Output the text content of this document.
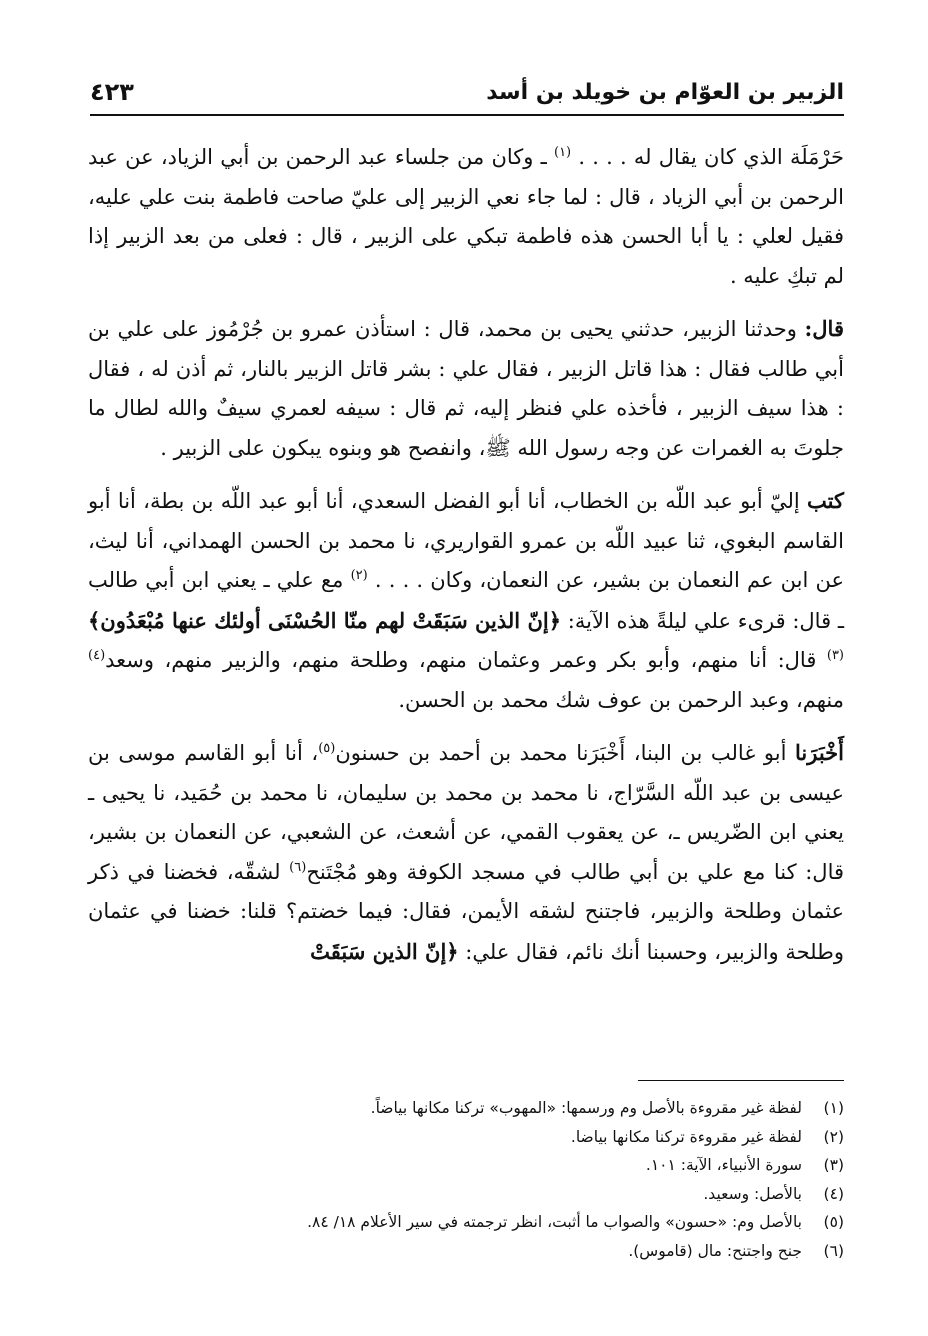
الزبير بن العوّام بن خويلد بن أسد
٤٢٣

حَرْمَلَة الذي كان يقال له . . . . $^{(١)}$ ـ وكان من جلساء عبد الرحمن بن أبي الزياد، عن عبد الرحمن بن أبي الزياد ، قال : لما جاء نعي الزبير إلى عليّ صاحت فاطمة بنت علي عليه، فقيل لعلي : يا أبا الحسن هذه فاطمة تبكي على الزبير ، قال : فعلى من بعد الزبير إذا لم تبكِ عليه .

قال: وحدثنا الزبير، حدثني يحيى بن محمد، قال : استأذن عمرو بن جُرْمُوز على علي بن أبي طالب فقال : هذا قاتل الزبير ، فقال علي : بشر قاتل الزبير بالنار، ثم أذن له ، فقال : هذا سيف الزبير ، فأخذه علي فنظر إليه، ثم قال : سيفه لعمري سيفٌ والله لطال ما جلوتَ به الغمرات عن وجه رسول الله ﷺ، وانفصح هو وبنوه يبكون على الزبير .

كتب إليّ أبو عبد اللّه بن الخطاب، أنا أبو الفضل السعدي، أنا أبو عبد اللّه بن بطة، أنا أبو القاسم البغوي، ثنا عبيد اللّه بن عمرو القواريري، نا محمد بن الحسن الهمداني، أنا ليث، عن ابن عم النعمان بن بشير، عن النعمان، وكان . . . . $^{(٢)}$ مع علي ـ يعني ابن أبي طالب ـ قال: قرىء علي ليلةً هذه الآية: ﴿إنّ الذين سَبَقَتْ لهم منّا الحُسْنَى أولئك عنها مُبْعَدُون﴾$^{(٣)}$ قال: أنا منهم، وأبو بكر وعمر وعثمان منهم، وطلحة منهم، والزبير منهم، وسعد$^{(٤)}$ منهم، وعبد الرحمن بن عوف شك محمد بن الحسن.

أَخْبَرَنا أبو غالب بن البنا، أَخْبَرَنا محمد بن أحمد بن حسنون$^{(٥)}$، أنا أبو القاسم موسى بن عيسى بن عبد اللّه السَّرّاج، نا محمد بن محمد بن سليمان، نا محمد بن حُمَيد، نا يحيى ـ يعني ابن الضّريس ـ، عن يعقوب القمي، عن أشعث، عن الشعبي، عن النعمان بن بشير، قال: كنا مع علي بن أبي طالب في مسجد الكوفة وهو مُجْتَنح$^{(٦)}$ لشقّه، فخضنا في ذكر عثمان وطلحة والزبير، فاجتنح لشقه الأيمن، فقال: فيما خضتم؟ قلنا: خضنا في عثمان وطلحة والزبير، وحسبنا أنك نائم، فقال علي: ﴿إنّ الذين سَبَقَتْ

(١)
لفظة غير مقروءة بالأصل وم ورسمها: «المهوب» تركنا مكانها بياضاً.
(٢)
لفظة غير مقروءة تركنا مكانها بياضا.
(٣)
سورة الأنبياء، الآية: ١٠١.
(٤)
بالأصل: وسعيد.
(٥)
بالأصل وم: «حسون» والصواب ما أثبت، انظر ترجمته في سير الأعلام ١٨/ ٨٤.
(٦)
جنح واجتنح: مال (قاموس).
